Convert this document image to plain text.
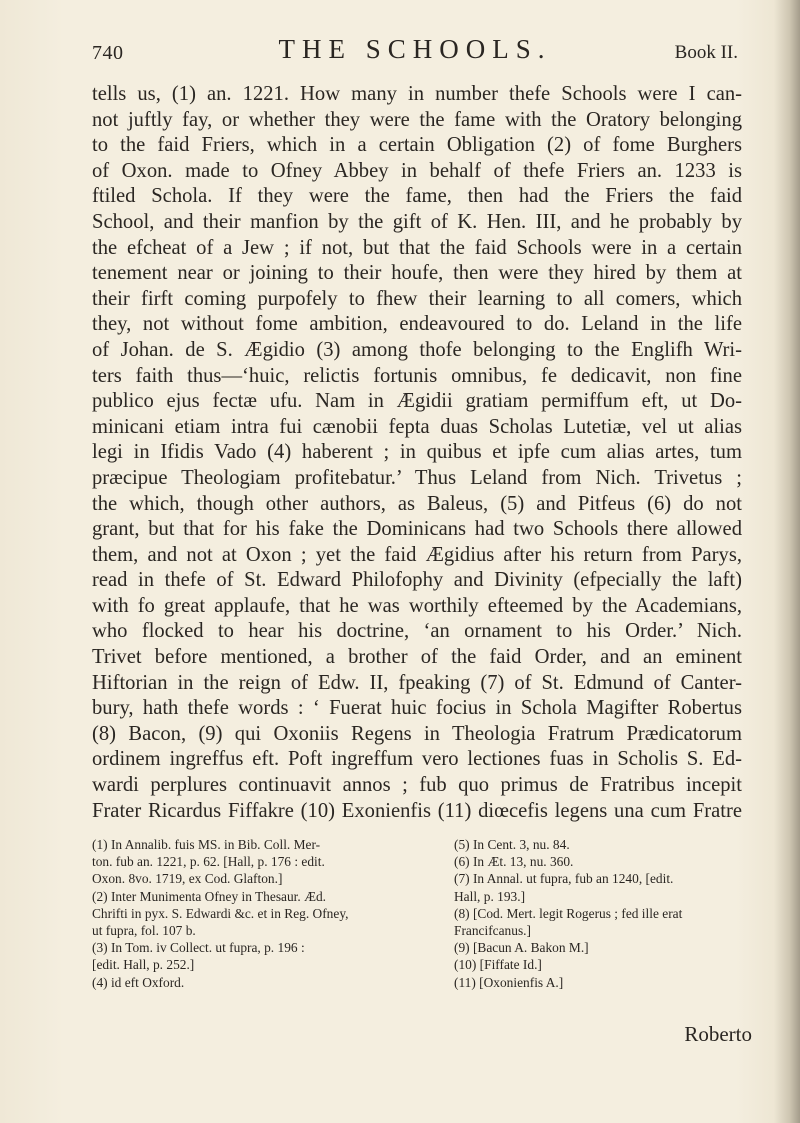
740	THE SCHOOLS.	Book II.
tells us, (1) an. 1221. How many in number thefe Schools were I can-
not juftly fay, or whether they were the fame with the Oratory belonging
to the faid Friers, which in a certain Obligation (2) of fome Burghers
of Oxon. made to Ofney Abbey in behalf of thefe Friers an. 1233 is
ftiled Schola. If they were the fame, then had the Friers the faid
School, and their manfion by the gift of K. Hen. III, and he probably by
the efcheat of a Jew ; if not, but that the faid Schools were in a certain
tenement near or joining to their houfe, then were they hired by them at
their firft coming purpofely to fhew their learning to all comers, which
they, not without fome ambition, endeavoured to do. Leland in the life
of Johan. de S. Ægidio (3) among thofe belonging to the Englifh Wri-
ters faith thus—‘huic, relictis fortunis omnibus, fe dedicavit, non fine
publico ejus fectæ ufu. Nam in Ægidii gratiam permiffum eft, ut Do-
minicani etiam intra fui cænobii fepta duas Scholas Lutetiæ, vel ut alias
legi in Ifidis Vado (4) haberent ; in quibus et ipfe cum alias artes, tum
præcipue Theologiam profitebatur.’ Thus Leland from Nich. Trivetus ;
the which, though other authors, as Baleus, (5) and Pitfeus (6) do not
grant, but that for his fake the Dominicans had two Schools there allowed
them, and not at Oxon ; yet the faid Ægidius after his return from Parys,
read in thefe of St. Edward Philofophy and Divinity (efpecially the laft)
with fo great applaufe, that he was worthily efteemed by the Academians,
who flocked to hear his doctrine, ‘an ornament to his Order.’ Nich.
Trivet before mentioned, a brother of the faid Order, and an eminent
Hiftorian in the reign of Edw. II, fpeaking (7) of St. Edmund of Canter-
bury, hath thefe words : ‘ Fuerat huic focius in Schola Magifter Robertus
(8) Bacon, (9) qui Oxoniis Regens in Theologia Fratrum Prædicatorum
ordinem ingreffus eft. Poft ingreffum vero lectiones fuas in Scholis S. Ed-
wardi perplures continuavit annos ; fub quo primus de Fratribus incepit
Frater Ricardus Fiffakre (10) Exonienfis (11) diœcefis legens una cum Fratre
(1) In Annalib. fuis MS. in Bib. Coll. Mer-
ton. fub an. 1221, p. 62. [Hall, p. 176 : edit.
Oxon. 8vo. 1719, ex Cod. Glafton.]
(2) Inter Munimenta Ofney in Thesaur. Æd.
Chrifti in pyx. S. Edwardi &c. et in Reg. Ofney,
ut fupra, fol. 107 b.
(3) In Tom. iv Collect. ut fupra, p. 196 :
[edit. Hall, p. 252.]
(4) id eft Oxford.
(5) In Cent. 3, nu. 84.
(6) In Æt. 13, nu. 360.
(7) In Annal. ut fupra, fub an 1240, [edit.
Hall, p. 193.]
(8) [Cod. Mert. legit Rogerus ; fed ille erat
Francifcanus.]
(9) [Bacun A. Bakon M.]
(10) [Fiffate Id.]
(11) [Oxonienfis A.]
Roberto
